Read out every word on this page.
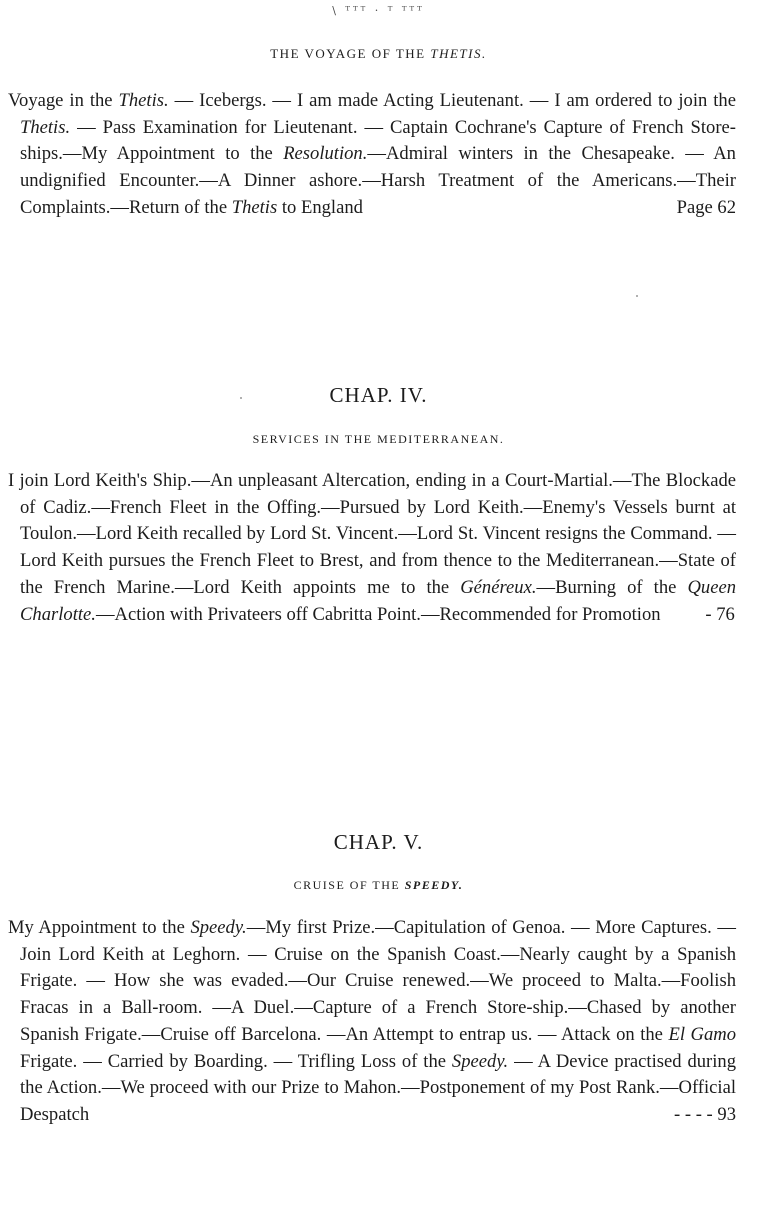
\ ᵀᵀᵀ · ᵀ ᵀᵀᵀ
THE VOYAGE OF THE THETIS.
Voyage in the Thetis. — Icebergs. — I am made Acting Lieutenant. — I am ordered to join the Thetis. — Pass Examination for Lieutenant. — Captain Cochrane's Capture of French Store-ships.—My Appointment to the Resolution.—Admiral winters in the Chesapeake. — An undignified Encounter.—A Dinner ashore.—Harsh Treatment of the Americans.—Their Complaints.—Return of the Thetis to England	Page 62
CHAP. IV.
SERVICES IN THE MEDITERRANEAN.
I join Lord Keith's Ship.—An unpleasant Altercation, ending in a Court-Martial.—The Blockade of Cadiz.—French Fleet in the Offing.—Pursued by Lord Keith.—Enemy's Vessels burnt at Toulon.—Lord Keith recalled by Lord St. Vincent.—Lord St. Vincent resigns the Command. —Lord Keith pursues the French Fleet to Brest, and from thence to the Mediterranean.—State of the French Marine.—Lord Keith appoints me to the Généreux.—Burning of the Queen Charlotte.—Action with Privateers off Cabritta Point.—Recommended for Promotion - 76
CHAP. V.
CRUISE OF THE SPEEDY.
My Appointment to the Speedy.—My first Prize.—Capitulation of Genoa. — More Captures. — Join Lord Keith at Leghorn. — Cruise on the Spanish Coast.—Nearly caught by a Spanish Frigate. — How she was evaded.—Our Cruise renewed.—We proceed to Malta.—Foolish Fracas in a Ball-room. —A Duel.—Capture of a French Store-ship.—Chased by another Spanish Frigate.—Cruise off Barcelona. —An Attempt to entrap us. — Attack on the El Gamo Frigate. — Carried by Boarding. — Trifling Loss of the Speedy. — A Device practised during the Action.—We proceed with our Prize to Mahon.—Postponement of my Post Rank.—Official Despatch	- - - - 93
